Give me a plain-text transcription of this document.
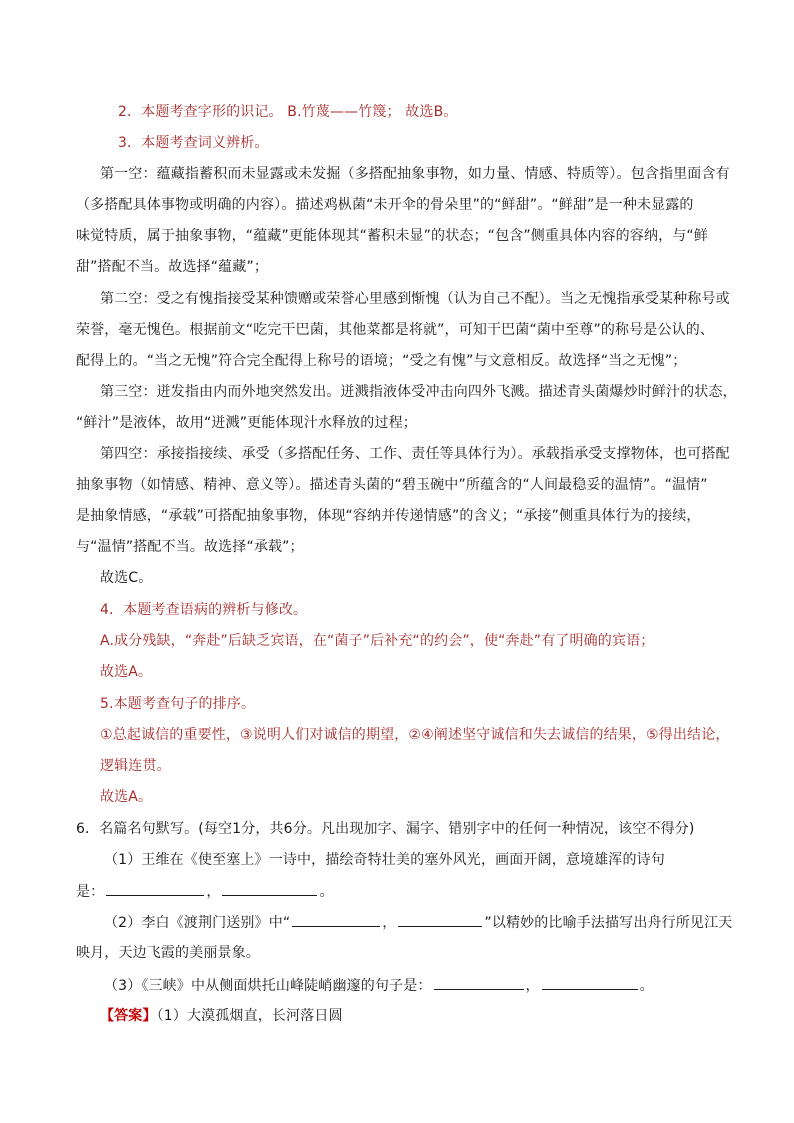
2．本题考查字形的识记。 B.竹蔑——竹篾； 故选B。
3．本题考查词义辨析。
第一空：蕴藏指蓄积而未显露或未发掘（多搭配抽象事物，如力量、情感、特质等）。包含指里面含有
（多搭配具体事物或明确的内容）。描述鸡枞菌“未开伞的骨朵里”的“鲜甜”。“鲜甜”是一种未显露的
味觉特质，属于抽象事物，“蕴藏”更能体现其“蓄积未显”的状态；“包含”侧重具体内容的容纳，与“鲜
甜”搭配不当。故选择“蕴藏”；
第二空：受之有愧指接受某种馈赠或荣誉心里感到惭愧（认为自己不配）。当之无愧指承受某种称号或
荣誉，毫无愧色。根据前文“吃完干巴菌，其他菜都是将就”，可知干巴菌“菌中至尊”的称号是公认的、
配得上的。“当之无愧”符合完全配得上称号的语境；“受之有愧”与文意相反。故选择“当之无愧”；
第三空：迸发指由内而外地突然发出。迸溅指液体受冲击向四外飞溅。描述青头菌爆炒时鲜汁的状态，
“鲜汁”是液体，故用“迸溅”更能体现汁水释放的过程；
第四空：承接指接续、承受（多搭配任务、工作、责任等具体行为）。承载指承受支撑物体，也可搭配
抽象事物（如情感、精神、意义等）。描述青头菌的“碧玉碗中”所蕴含的“人间最稳妥的温情”。“温情”
是抽象情感，“承载”可搭配抽象事物，体现“容纳并传递情感”的含义；“承接”侧重具体行为的接续，
与“温情”搭配不当。故选择“承载”；
故选C。
4．本题考查语病的辨析与修改。
A.成分残缺，“奔赴”后缺乏宾语，在“菌子”后补充“的约会”，使“奔赴”有了明确的宾语；
故选A。
5.本题考查句子的排序。
①总起诚信的重要性，③说明人们对诚信的期望，②④阐述坚守诚信和失去诚信的结果，⑤得出结论，
逻辑连贯。
故选A。
6．名篇名句默写。(每空1分，共6分。凡出现加字、漏字、错别字中的任何一种情况，该空不得分)
（1）王维在《使至塞上》一诗中，描绘奇特壮美的塞外风光，画面开阔，意境雄浑的诗句
是：	，	。
（2）李白《渡荆门送别》中“	，	”以精妙的比喻手法描写出舟行所见江天
映月，天边飞霞的美丽景象。
（3）《三峡》中从侧面烘托山峰陡峭幽邃的句子是：	，	。
【答案】（1）大漠孤烟直，长河落日圆
